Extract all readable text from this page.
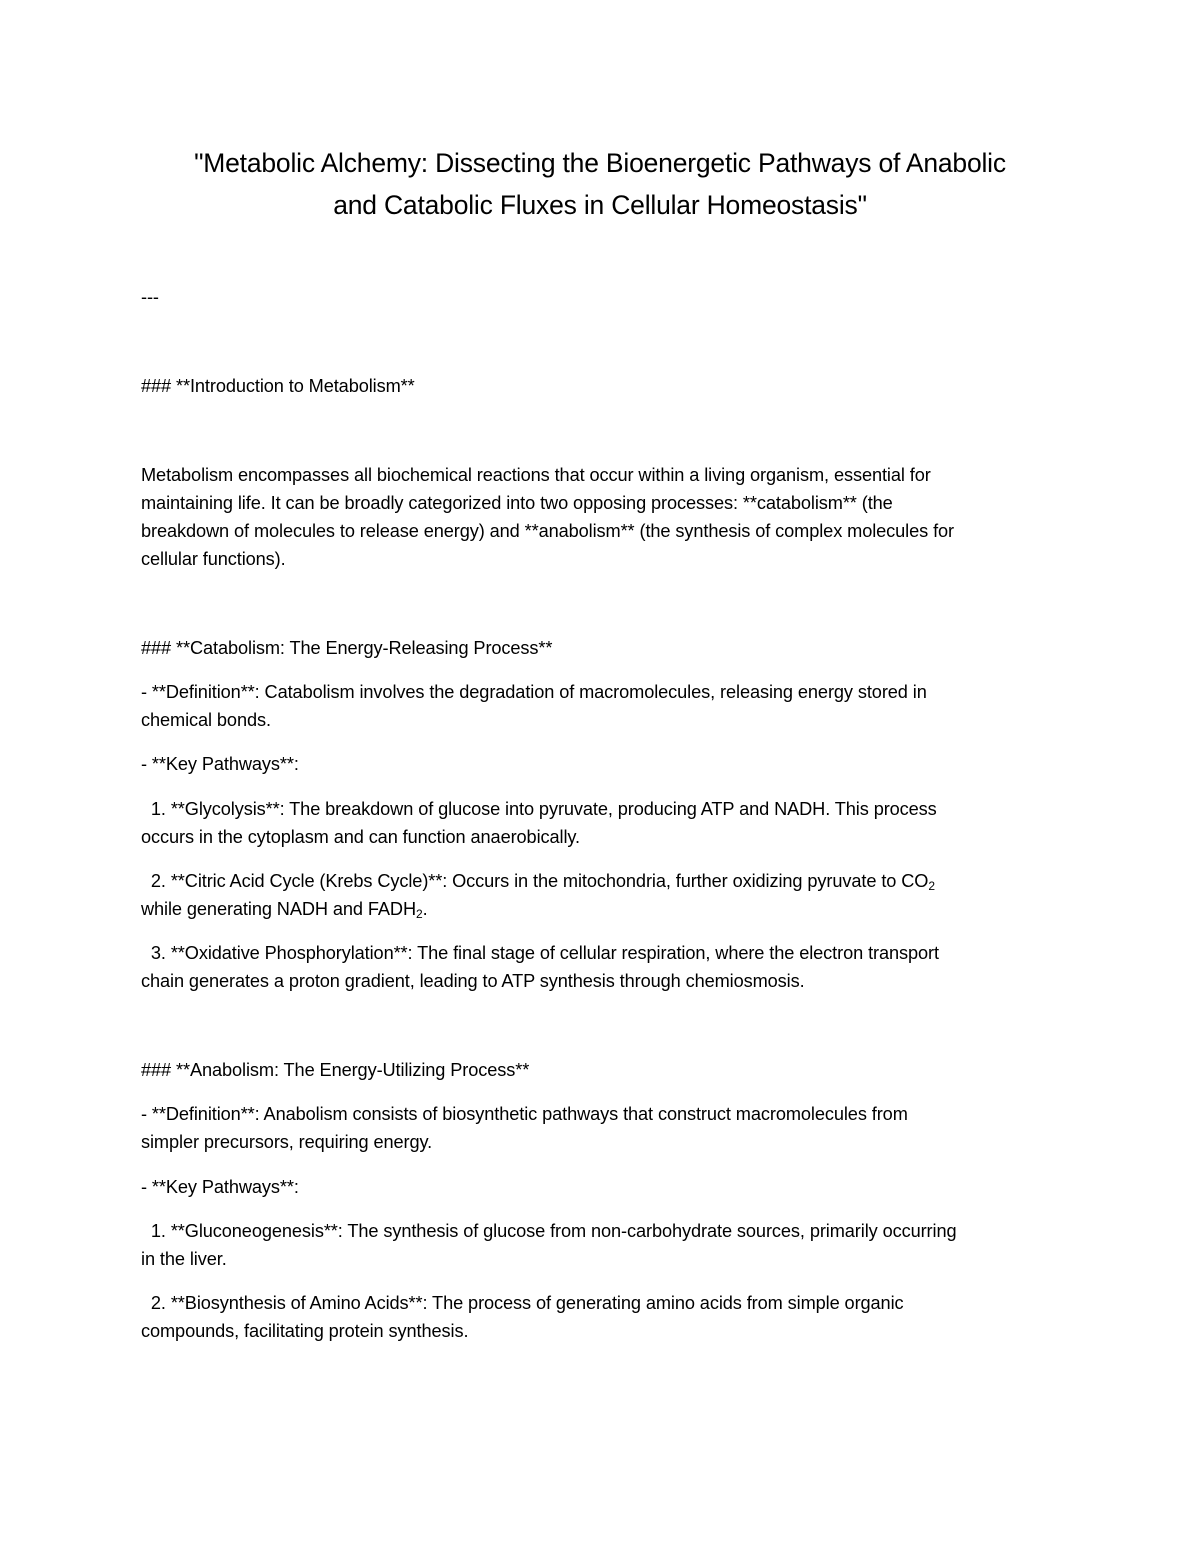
"Metabolic Alchemy: Dissecting the Bioenergetic Pathways of Anabolic
and Catabolic Fluxes in Cellular Homeostasis"
---
### **Introduction to Metabolism**
Metabolism encompasses all biochemical reactions that occur within a living organism, essential for
maintaining life. It can be broadly categorized into two opposing processes: **catabolism** (the
breakdown of molecules to release energy) and **anabolism** (the synthesis of complex molecules for
cellular functions).
### **Catabolism: The Energy-Releasing Process**
- **Definition**: Catabolism involves the degradation of macromolecules, releasing energy stored in
chemical bonds.
- **Key Pathways**:
1. **Glycolysis**: The breakdown of glucose into pyruvate, producing ATP and NADH. This process
occurs in the cytoplasm and can function anaerobically.
2. **Citric Acid Cycle (Krebs Cycle)**: Occurs in the mitochondria, further oxidizing pyruvate to $CO_2$
while generating NADH and $FADH_2$.
3. **Oxidative Phosphorylation**: The final stage of cellular respiration, where the electron transport
chain generates a proton gradient, leading to ATP synthesis through chemiosmosis.
### **Anabolism: The Energy-Utilizing Process**
- **Definition**: Anabolism consists of biosynthetic pathways that construct macromolecules from
simpler precursors, requiring energy.
- **Key Pathways**:
1. **Gluconeogenesis**: The synthesis of glucose from non-carbohydrate sources, primarily occurring
in the liver.
2. **Biosynthesis of Amino Acids**: The process of generating amino acids from simple organic
compounds, facilitating protein synthesis.
